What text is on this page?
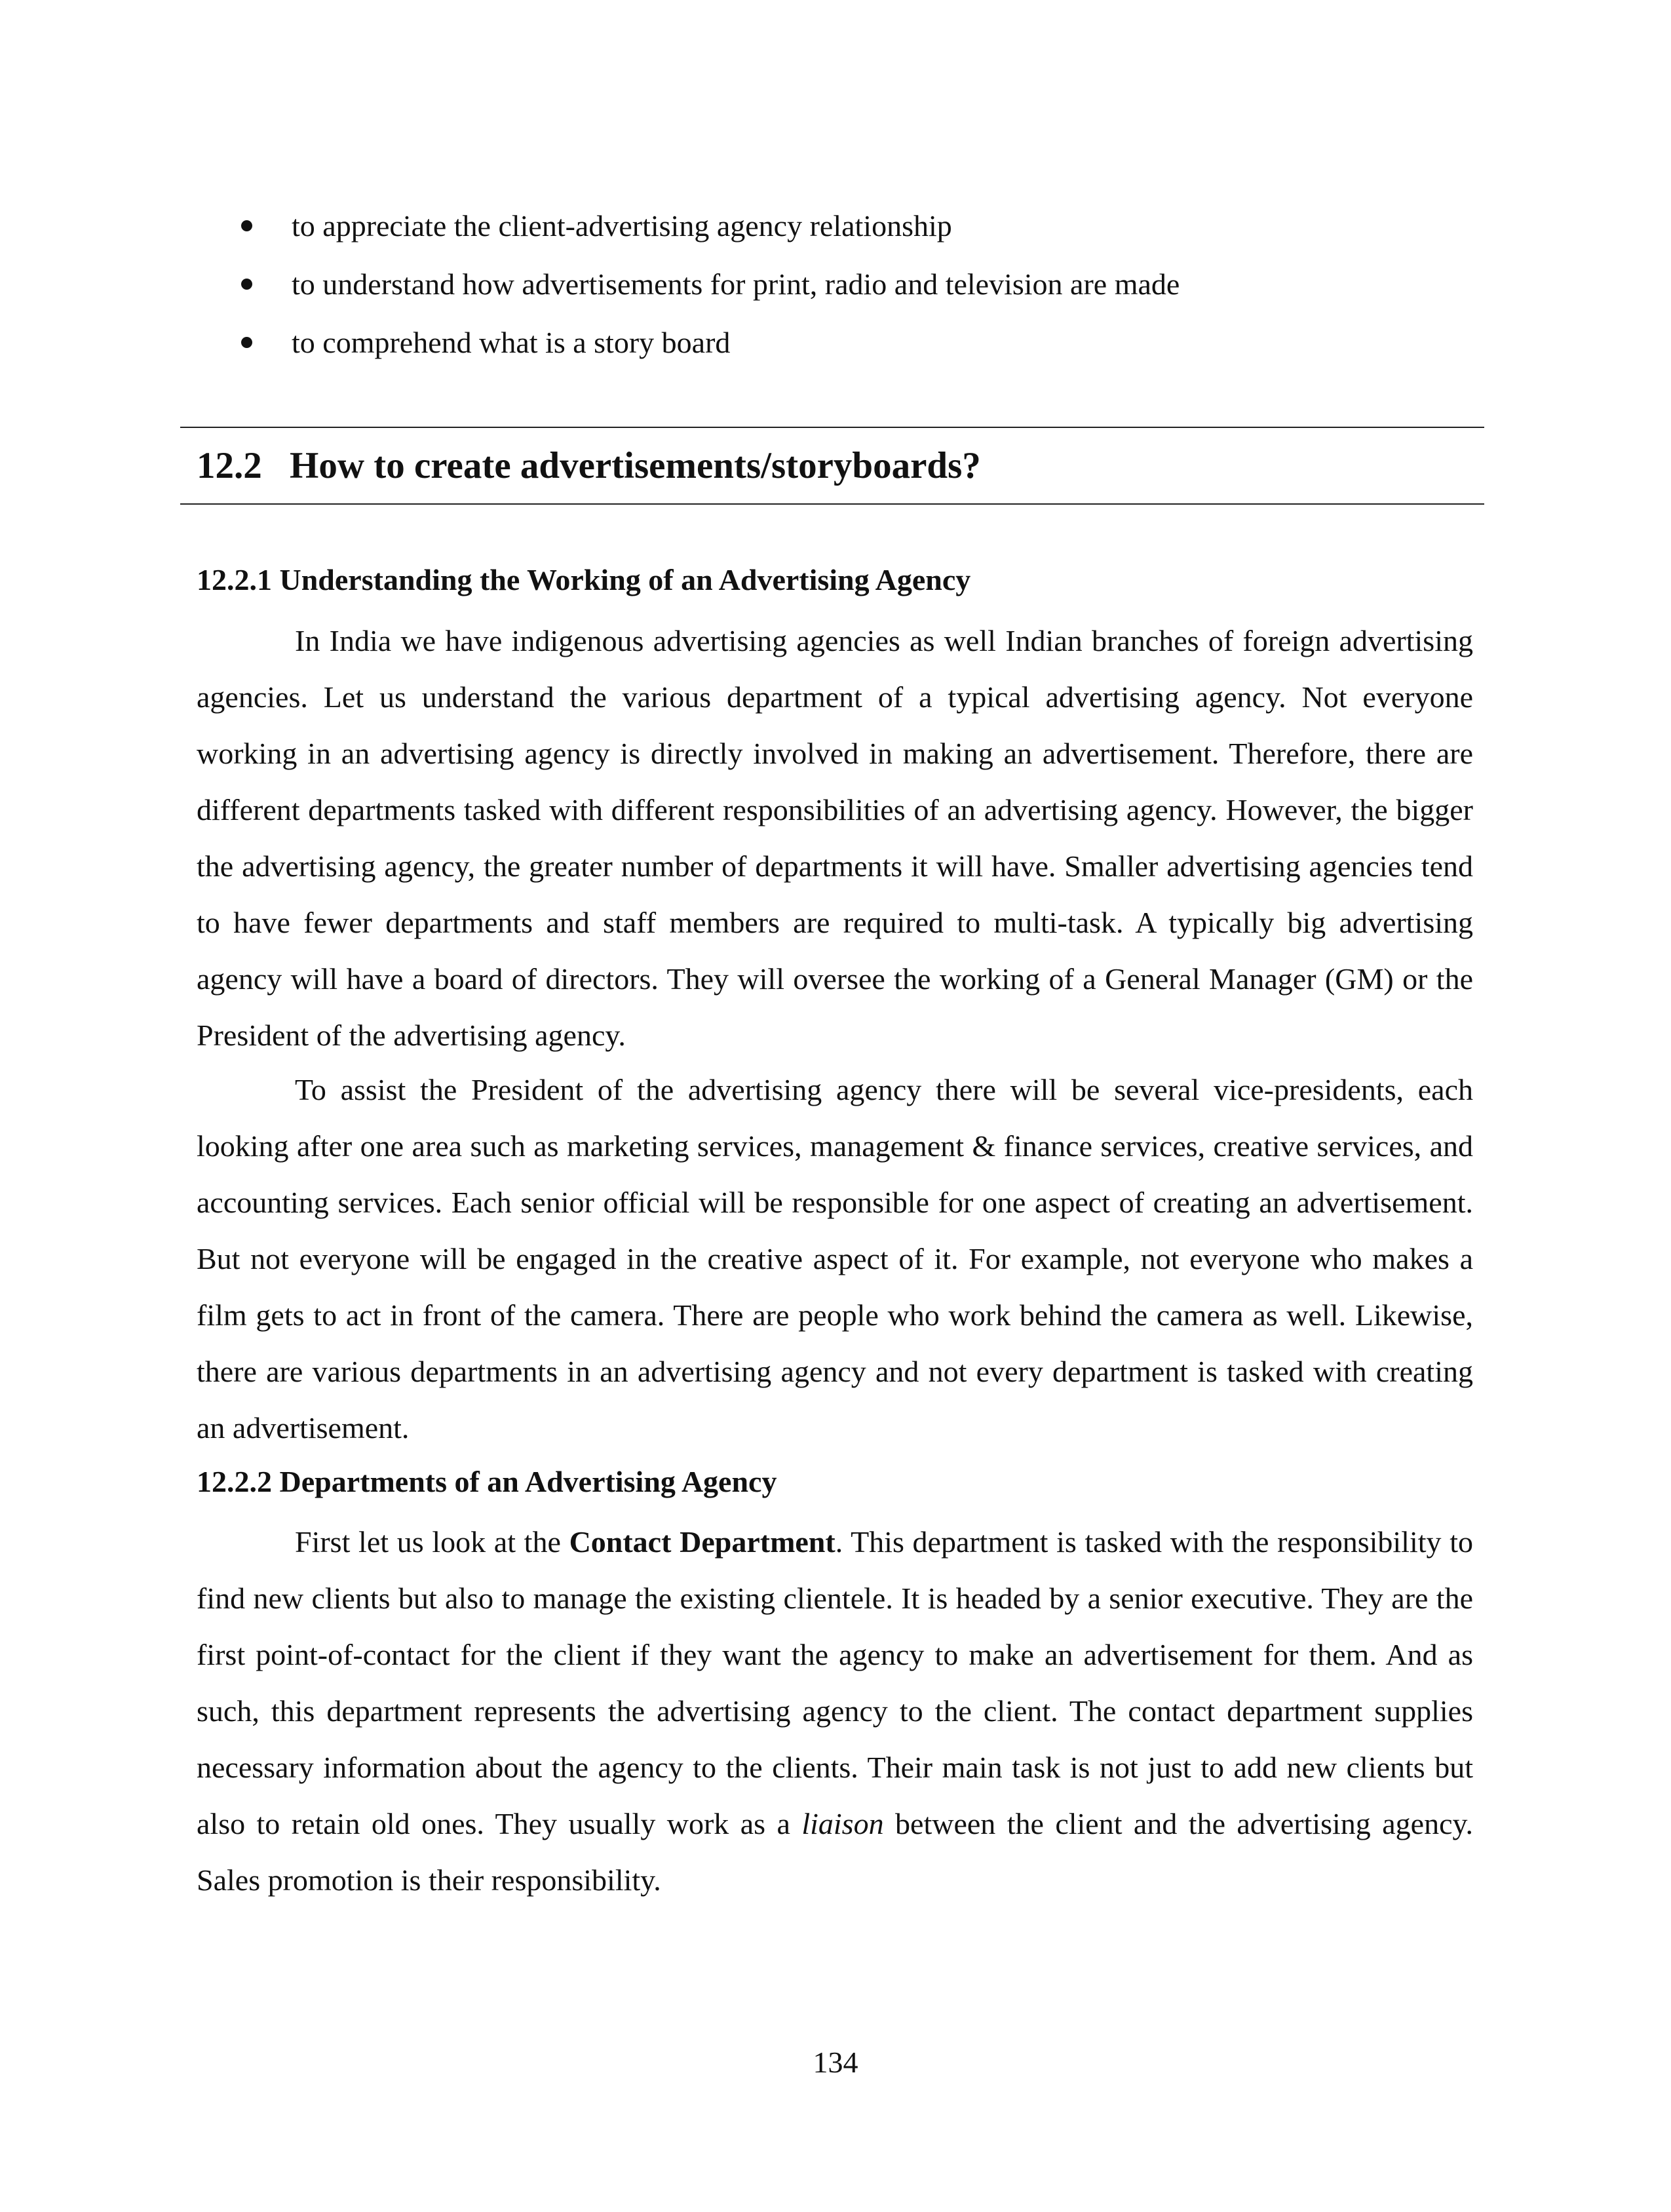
to appreciate the client-advertising agency relationship
to understand how advertisements for print, radio and television are made
to comprehend what is a story board
12.2 How to create advertisements/storyboards?
12.2.1 Understanding the Working of an Advertising Agency

In India we have indigenous advertising agencies as well Indian branches of foreign advertising agencies. Let us understand the various department of a typical advertising agency. Not everyone working in an advertising agency is directly involved in making an advertisement. Therefore, there are different departments tasked with different responsibilities of an advertising agency. However, the bigger the advertising agency, the greater number of departments it will have. Smaller advertising agencies tend to have fewer departments and staff members are required to multi-task. A typically big advertising agency will have a board of directors. They will oversee the working of a General Manager (GM) or the President of the advertising agency.

To assist the President of the advertising agency there will be several vice-presidents, each looking after one area such as marketing services, management & finance services, creative services, and accounting services. Each senior official will be responsible for one aspect of creating an advertisement. But not everyone will be engaged in the creative aspect of it. For example, not everyone who makes a film gets to act in front of the camera. There are people who work behind the camera as well. Likewise, there are various departments in an advertising agency and not every department is tasked with creating an advertisement.

12.2.2 Departments of an Advertising Agency

First let us look at the Contact Department. This department is tasked with the responsibility to find new clients but also to manage the existing clientele. It is headed by a senior executive. They are the first point-of-contact for the client if they want the agency to make an advertisement for them. And as such, this department represents the advertising agency to the client. The contact department supplies necessary information about the agency to the clients. Their main task is not just to add new clients but also to retain old ones. They usually work as a liaison between the client and the advertising agency. Sales promotion is their responsibility.

134
